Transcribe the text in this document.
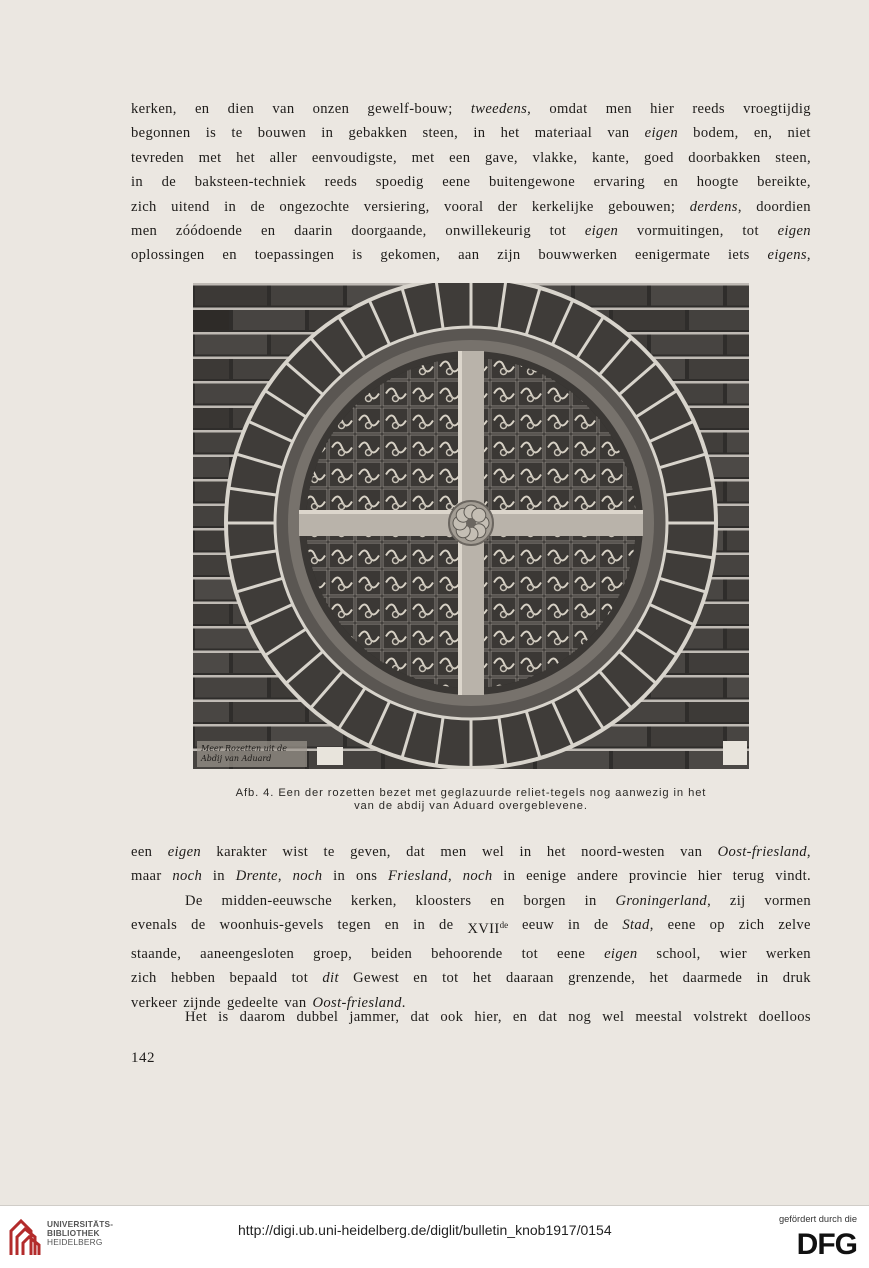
kerken, en dien van onzen gewelf-bouw; tweedens, omdat men hier reeds vroegtijdig
begonnen is te bouwen in gebakken steen, in het materiaal van eigen bodem, en, niet
tevreden met het aller eenvoudigste, met een gave, vlakke, kante, goed doorbakken steen,
in de baksteen-techniek reeds spoedig eene buitengewone ervaring en hoogte bereikte,
zich uitend in de ongezochte versiering, vooral der kerkelijke gebouwen; derdens, doordien
men zóódoende en daarin doorgaande, onwillekeurig tot eigen vormuitingen, tot eigen
oplossingen en toepassingen is gekomen, aan zijn bouwwerken eenigermate iets eigens,

Meer Rozetten uit de
Abdij van Aduard
Afb. 4. Een der rozetten bezet met geglazuurde reliet-tegels nog aanwezig in het
van de abdij van Aduard overgeblevene.

een eigen karakter wist te geven, dat men wel in het noord-westen van Oost-friesland,
maar noch in Drente, noch in ons Friesland, noch in eenige andere provincie hier terug vindt.

De midden-eeuwsche kerken, kloosters en borgen in Groningerland, zij vormen
evenals de woonhuis-gevels tegen en in de XVIIde eeuw in de Stad, eene op zich zelve
staande, aaneengesloten groep, beiden behoorende tot eene eigen school, wier werken
zich hebben bepaald tot dit Gewest en tot het daaraan grenzende, het daarmede in druk
verkeer zijnde gedeelte van Oost-friesland.

Het is daarom dubbel jammer, dat ook hier, en dat nog wel meestal volstrekt doelloos

142
UNIVERSITÄTS-
BIBLIOTHEK
HEIDELBERG
http://digi.ub.uni-heidelberg.de/diglit/bulletin_knob1917/0154
gefördert durch die
DFG
